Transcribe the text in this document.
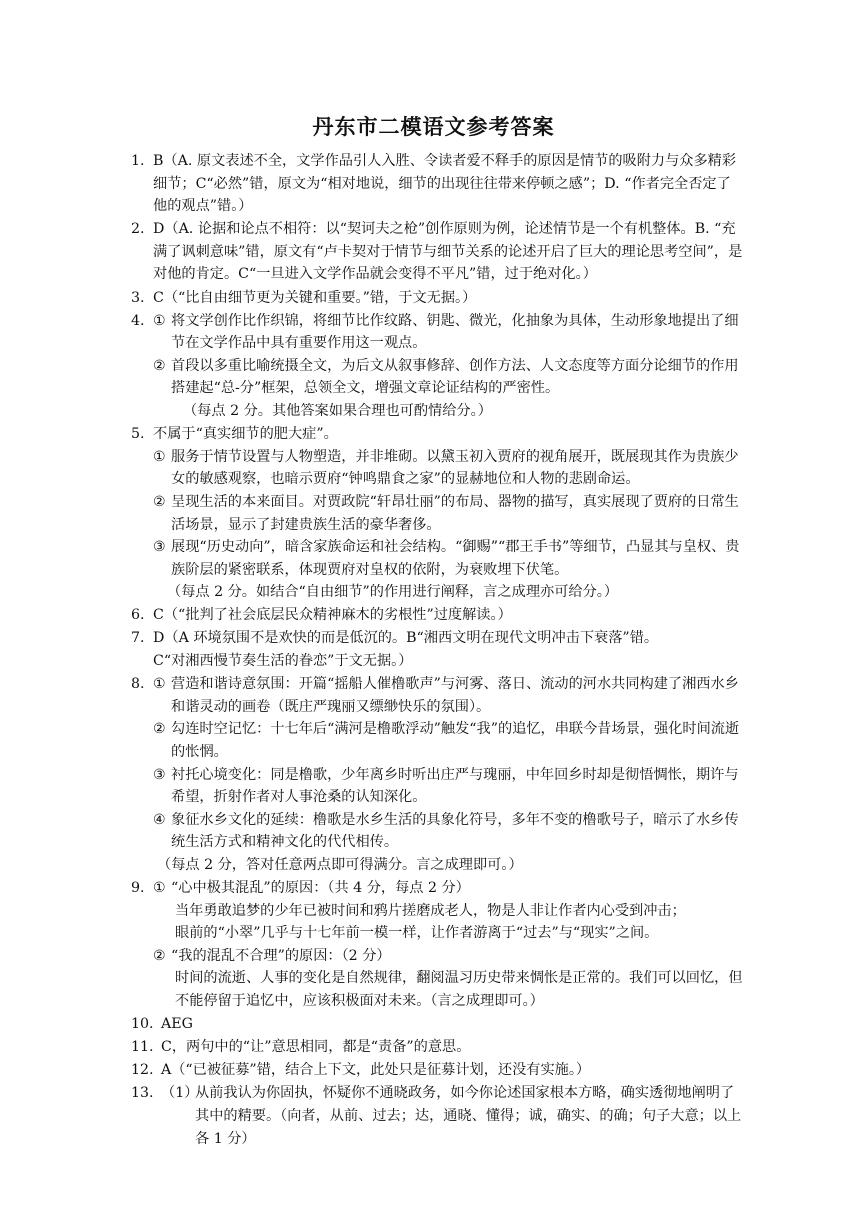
丹东市二模语文参考答案
1. B（A. 原文表述不全，文学作品引人入胜、令读者爱不释手的原因是情节的吸附力与众多精彩细节；C“必然”错，原文为“相对地说，细节的出现往往带来停顿之感”；D. “作者完全否定了他的观点”错。）

2. D（A. 论据和论点不相符：以“契诃夫之枪”创作原则为例，论述情节是一个有机整体。B. “充满了讽刺意味”错，原文有“卢卡契对于情节与细节关系的论述开启了巨大的理论思考空间”，是对他的肯定。C“一旦进入文学作品就会变得不平凡”错，过于绝对化。）

3. C（“比自由细节更为关键和重要。”错，于文无据。）

4. ① 将文学创作比作织锦，将细节比作纹路、钥匙、微光，化抽象为具体，生动形象地提出了细节在文学作品中具有重要作用这一观点。

② 首段以多重比喻统摄全文，为后文从叙事修辞、创作方法、人文态度等方面分论细节的作用搭建起“总-分”框架，总领全文，增强文章论证结构的严密性。

（每点 2 分。其他答案如果合理也可酌情给分。）

5. 不属于“真实细节的肥大症”。

① 服务于情节设置与人物塑造，并非堆砌。以黛玉初入贾府的视角展开，既展现其作为贵族少女的敏感观察，也暗示贾府“钟鸣鼎食之家”的显赫地位和人物的悲剧命运。

② 呈现生活的本来面目。对贾政院“轩昂壮丽”的布局、器物的描写，真实展现了贾府的日常生活场景，显示了封建贵族生活的豪华奢侈。

③ 展现“历史动向”，暗含家族命运和社会结构。“御赐”“郡王手书”等细节，凸显其与皇权、贵族阶层的紧密联系，体现贾府对皇权的依附，为衰败埋下伏笔。

（每点 2 分。如结合“自由细节”的作用进行阐释，言之成理亦可给分。）

6. C（“批判了社会底层民众精神麻木的劣根性”过度解读。）

7. D（A 环境氛围不是欢快的而是低沉的。B“湘西文明在现代文明冲击下衰落”错。

C“对湘西慢节奏生活的眷恋”于文无据。）

8. ① 营造和谐诗意氛围：开篇“摇船人催橹歌声”与河雾、落日、流动的河水共同构建了湘西水乡和谐灵动的画卷（既庄严瑰丽又缥缈快乐的氛围）。

② 勾连时空记忆：十七年后“满河是橹歌浮动”触发“我”的追忆，串联今昔场景，强化时间流逝的怅惘。

③ 衬托心境变化：同是橹歌，少年离乡时听出庄严与瑰丽，中年回乡时却是彻悟惆怅，期许与希望，折射作者对人事沧桑的认知深化。

④ 象征水乡文化的延续：橹歌是水乡生活的具象化符号，多年不变的橹歌号子，暗示了水乡传统生活方式和精神文化的代代相传。

（每点 2 分，答对任意两点即可得满分。言之成理即可。）

9. ① “心中极其混乱”的原因：（共 4 分，每点 2 分）

当年勇敢追梦的少年已被时间和鸦片搓磨成老人，物是人非让作者内心受到冲击；

眼前的“小翠”几乎与十七年前一模一样，让作者游离于“过去”与“现实”之间。

② “我的混乱不合理”的原因：（2 分）

时间的流逝、人事的变化是自然规律，翻阅温习历史带来惆怅是正常的。我们可以回忆，但不能停留于追忆中，应该积极面对未来。（言之成理即可。）

10. AEG

11. C，两句中的“让”意思相同，都是“责备”的意思。

12. A（“已被征募”错，结合上下文，此处只是征募计划，还没有实施。）

13. （1）

从前我认为你固执，怀疑你不通晓政务，如今你论述国家根本方略，确实透彻地阐明了其中的精要。（向者，从前、过去；达，通晓、懂得；诚，确实、的确；句子大意；以上各 1 分）
